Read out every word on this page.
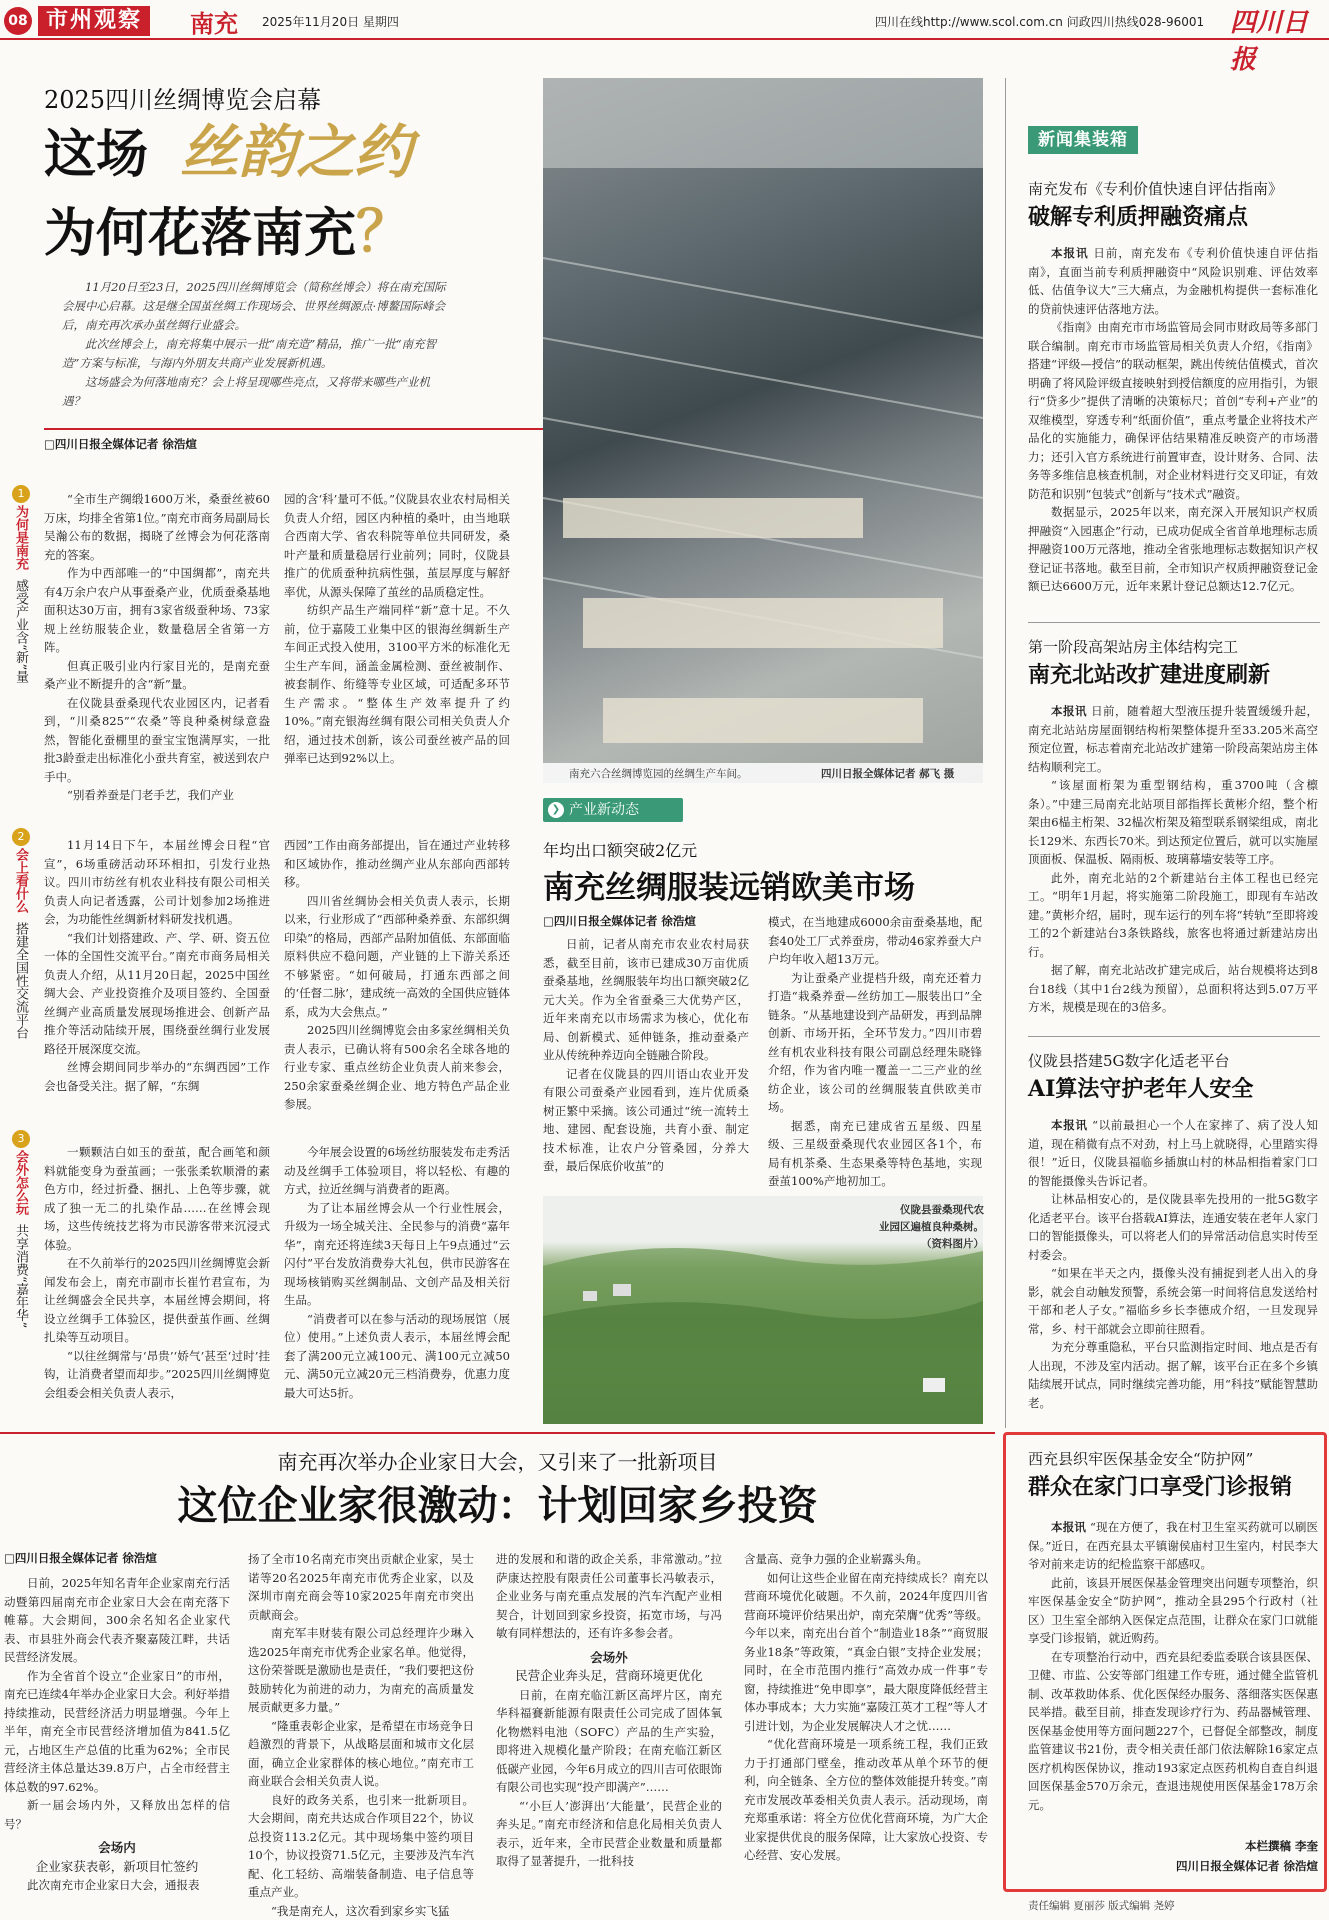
08 市州观察	南充 2025年11月20日 星期四	四川在线http://www.scol.com.cn 问政四川热线028-96001 四川日报
2025四川丝绸博览会启幕
这场 丝韵之约
为何花落南充？

11月20日至23日，2025四川丝绸博览会（简称丝博会）将在南充国际会展中心启幕。这是继全国茧丝绸工作现场会、世界丝绸源点·博鳌国际峰会后，南充再次承办茧丝绸行业盛会。

此次丝博会上，南充将集中展示一批“南充造”精品，推广一批“南充智造”方案与标准，与海内外朋友共商产业发展新机遇。

这场盛会为何落地南充？会上将呈现哪些亮点，又将带来哪些产业机遇？

□四川日报全媒体记者 徐浩煊
南充六合丝绸博览园的丝绸生产车间。	四川日报全媒体记者 郝飞 摄
1
为何是南充
感受产业含“新”量
2
会上看什么
搭建全国性交流平台
3
会外怎么玩
共享消费“嘉年华”

“全市生产绸缎1600万米，桑蚕丝被60万床，均排全省第1位。”南充市商务局副局长吴瀚公布的数据，揭晓了丝博会为何花落南充的答案。

作为中西部唯一的“中国绸都”，南充共有4万余户农户从事蚕桑产业，优质蚕桑基地面积达30万亩，拥有3家省级蚕种场、73家规上丝纺服装企业，数量稳居全省第一方阵。

但真正吸引业内行家目光的，是南充蚕桑产业不断提升的含“新”量。

在仪陇县蚕桑现代农业园区内，记者看到，“川桑825”“农桑”等良种桑树绿意盎然，智能化蚕棚里的蚕宝宝饱满厚实，一批批3龄蚕走出标准化小蚕共育室，被送到农户手中。

“别看养蚕是门老手艺，我们产业

园的含‘科’量可不低。”仪陇县农业农村局相关负责人介绍，园区内种植的桑叶，由当地联合西南大学、省农科院等单位共同研发，桑叶产量和质量稳居行业前列；同时，仪陇县推广的优质蚕种抗病性强，茧层厚度与解舒率优，从源头保障了茧丝的品质稳定性。

纺织产品生产端同样“新”意十足。不久前，位于嘉陵工业集中区的银海丝绸新生产车间正式投入使用，3100平方米的标准化无尘生产车间，涵盖金属检测、蚕丝被制作、被套制作、绗缝等专业区域，可适配多环节生产需求。“整体生产效率提升了约10%。”南充银海丝绸有限公司相关负责人介绍，通过技术创新，该公司蚕丝被产品的回弹率已达到92%以上。

11月14日下午，本届丝博会日程“官宣”，6场重磅活动环环相扣，引发行业热议。四川市纺丝有机农业科技有限公司相关负责人向记者透露，公司计划参加2场推进会，为功能性丝绸新材料研发找机遇。

“我们计划搭建政、产、学、研、资五位一体的全国性交流平台。”南充市商务局相关负责人介绍，从11月20日起，2025中国丝绸大会、产业投资推介及项目签约、全国蚕丝绸产业高质量发展现场推进会、创新产品推介等活动陆续开展，围绕蚕丝绸行业发展路径开展深度交流。

丝博会期间同步举办的“东绸西园”工作会也备受关注。据了解，“东绸

西园”工作由商务部提出，旨在通过产业转移和区域协作，推动丝绸产业从东部向西部转移。

四川省丝绸协会相关负责人表示，长期以来，行业形成了“西部种桑养蚕、东部织绸印染”的格局，西部产品附加值低、东部面临原料供应不稳问题，产业链的上下游关系还不够紧密。“如何破局，打通东西部之间的‘任督二脉’，建成统一高效的全国供应链体系，成为大会焦点。”

2025四川丝绸博览会由多家丝绸相关负责人表示，已确认将有500余名全球各地的行业专家、重点丝纺企业负责人前来参会，250余家蚕桑丝绸企业、地方特色产品企业参展。

一颗颗洁白如玉的蚕茧，配合画笔和颜料就能变身为蚕茧画；一张张柔软顺滑的素色方巾，经过折叠、捆扎、上色等步骤，就成了独一无二的扎染作品……在丝博会现场，这些传统技艺将为市民游客带来沉浸式体验。

在不久前举行的2025四川丝绸博览会新闻发布会上，南充市副市长崔竹君宣布，为让丝绸盛会全民共享，本届丝博会期间，将设立丝绸手工体验区，提供蚕茧作画、丝绸扎染等互动项目。

“以往丝绸常与‘昂贵’‘娇气’甚至‘过时’挂钩，让消费者望而却步。”2025四川丝绸博览会组委会相关负责人表示，

今年展会设置的6场丝纺服装发布走秀活动及丝绸手工体验项目，将以轻松、有趣的方式，拉近丝绸与消费者的距离。

为了让本届丝博会从一个行业性展会，升级为一场全城关注、全民参与的消费“嘉年华”，南充还将连续3天每日上午9点通过“云闪付”平台发放消费券大礼包，供市民游客在现场核销购买丝绸制品、文创产品及相关衍生品。

“消费者可以在参与活动的现场展馆（展位）使用。”上述负责人表示，本届丝博会配套了满200元立减100元、满100元立减50元、满50元立减20元三档消费券，优惠力度最大可达5折。

❯ 产业新动态
年均出口额突破2亿元
南充丝绸服装远销欧美市场
□四川日报全媒体记者 徐浩煊

日前，记者从南充市农业农村局获悉，截至目前，该市已建成30万亩优质蚕桑基地，丝绸服装年均出口额突破2亿元大关。作为全省蚕桑三大优势产区，近年来南充以市场需求为核心，优化布局、创新模式、延伸链条，推动蚕桑产业从传统种养迈向全链融合阶段。

记者在仪陇县的四川语山农业开发有限公司蚕桑产业园看到，连片优质桑树正繁中采摘。该公司通过“统一流转土地、建园、配套设施，共育小蚕、制定技术标准，让农户分管桑园，分养大蚕，最后保底价收茧”的

模式，在当地建成6000余亩蚕桑基地，配套40处工厂式养蚕房，带动46家养蚕大户户均年收入超13万元。

为让蚕桑产业提档升级，南充还着力打造“栽桑养蚕—丝纺加工—服装出口”全链条。“从基地建设到产品研发，再到品牌创新、市场开拓，全环节发力。”四川市碧丝有机农业科技有限公司副总经理朱晓锋介绍，作为省内唯一覆盖一二三产业的丝纺企业，该公司的丝绸服装直供欧美市场。

据悉，南充已建成省五星级、四星级、三星级蚕桑现代农业园区各1个，布局有机茶桑、生态果桑等特色基地，实现蚕茧100%产地初加工。

仪陇县蚕桑现代农
业园区遍植良种桑树。
（资料图片）
新闻集装箱
南充发布《专利价值快速自评估指南》
破解专利质押融资痛点

本报讯 日前，南充发布《专利价值快速自评估指南》，直面当前专利质押融资中“风险识别难、评估效率低、估值争议大”三大痛点，为金融机构提供一套标准化的贷前快速评估落地方法。

《指南》由南充市市场监管局会同市财政局等多部门联合编制。南充市市场监管局相关负责人介绍，《指南》搭建“评级—授信”的联动框架，跳出传统估值模式，首次明确了将风险评级直接映射到授信额度的应用指引，为银行“贷多少”提供了清晰的决策标尺；首创“专利+产业”的双维模型，穿透专利“纸面价值”，重点考量企业将技术产品化的实施能力，确保评估结果精准反映资产的市场潜力；还引入官方系统进行前置审查，设计财务、合同、法务等多维信息核查机制，对企业材料进行交叉印证，有效防范和识别“包装式”创新与“技术式”融资。

数据显示，2025年以来，南充深入开展知识产权质押融资“入园惠企”行动，已成功促成全省首单地理标志质押融资100万元落地，推动全省张地理标志数据知识产权登记证书落地。截至目前，全市知识产权质押融资登记金额已达6600万元，近年来累计登记总额达12.7亿元。

第一阶段高架站房主体结构完工
南充北站改扩建进度刷新

本报讯 日前，随着超大型液压提升装置缓缓升起，南充北站站房屋面钢结构桁架整体提升至33.205米高空预定位置，标志着南充北站改扩建第一阶段高架站房主体结构顺利完工。

“该屋面桁架为重型钢结构，重3700吨（含檩条）。”中建三局南充北站项目部指挥长黄彬介绍，整个桁架由6榀主桁架、32榀次桁架及箱型联系钢梁组成，南北长129米、东西长70米。到达预定位置后，就可以实施屋顶面板、保温板、隔雨板、玻璃幕墙安装等工序。

此外，南充北站的2个新建站台主体工程也已经完工。“明年1月起，将实施第二阶段施工，即现有车站改建。”黄彬介绍，届时，现车运行的列车将“转轨”至即将竣工的2个新建站台3条铁路线，旅客也将通过新建站房出行。

据了解，南充北站改扩建完成后，站台规模将达到8台18线（其中1台2线为预留），总面积将达到5.07万平方米，规模是现在的3倍多。

仪陇县搭建5G数字化适老平台
AI算法守护老年人安全

本报讯 “以前最担心一个人在家摔了、病了没人知道，现在稍微有点不对劲，村上马上就晓得，心里踏实得很！”近日，仪陇县福临乡插旗山村的林品相指着家门口的智能摄像头告诉记者。

让林品相安心的，是仪陇县率先投用的一批5G数字化适老平台。该平台搭载AI算法，连通安装在老年人家门口的智能摄像头，可以将老人们的异常活动信息实时传至村委会。

“如果在半天之内，摄像头没有捕捉到老人出入的身影，就会自动触发预警，系统会第一时间将信息发送给村干部和老人子女。”福临乡乡长李德成介绍，一旦发现异常，乡、村干部就会立即前往照看。

为充分尊重隐私，平台只监测指定时间、地点是否有人出现，不涉及室内活动。据了解，该平台正在多个乡镇陆续展开试点，同时继续完善功能，用“科技”赋能智慧助老。

西充县织牢医保基金安全“防护网”
群众在家门口享受门诊报销

本报讯 “现在方便了，我在村卫生室买药就可以刷医保。”近日，在西充县太平镇谢侯庙村卫生室内，村民李大爷对前来走访的纪检监察干部感叹。

此前，该县开展医保基金管理突出问题专项整治，织牢医保基金安全“防护网”，推动全县295个行政村（社区）卫生室全部纳入医保定点范围，让群众在家门口就能享受门诊报销，就近购药。

在专项整治行动中，西充县纪委监委联合该县医保、卫健、市监、公安等部门组建工作专班，通过健全监管机制、改革救助体系、优化医保经办服务、落细落实医保惠民举措。截至目前，排查发现诊疗行为、药品器械管理、医保基金使用等方面问题227个，已督促全部整改，制度监管建议书21份，责令相关责任部门依法解除16家定点医疗机构医保协议，推动193家定点医药机构自查自纠退回医保基金570万余元，查退违规使用医保基金178万余元。

本栏撰稿 李奎
四川日报全媒体记者 徐浩煊
南充再次举办企业家日大会，又引来了一批新项目
这位企业家很激动：计划回家乡投资
□四川日报全媒体记者 徐浩煊

日前，2025年知名青年企业家南充行活动暨第四届南充市企业家日大会在南充落下帷幕。大会期间，300余名知名企业家代表、市县驻外商会代表齐聚嘉陵江畔，共话民营经济发展。

作为全省首个设立“企业家日”的市州，南充已连续4年举办企业家日大会。利好举措持续推动，民营经济活力明显增强。今年上半年，南充全市民营经济增加值为841.5亿元，占地区生产总值的比重为62%；全市民营经济主体总量达39.8万户，占全市经营主体总数的97.62%。

新一届会场内外，又释放出怎样的信号？

会场内
企业家获表彰，新项目忙签约

此次南充市企业家日大会，通报表

扬了全市10名南充市突出贡献企业家，吴士诺等20名2025年南充市优秀企业家，以及深圳市南充商会等10家2025年南充市突出贡献商会。

南充军丰财装有限公司总经理许少琳入选2025年南充市优秀企业家名单。他觉得，这份荣誉既是激励也是责任，“我们要把这份鼓励转化为前进的动力，为南充的高质量发展贡献更多力量。”

“隆重表彰企业家，是希望在市场竞争日趋激烈的背景下，从战略层面和城市文化层面，确立企业家群体的核心地位。”南充市工商业联合会相关负责人说。

良好的政务关系，也引来一批新项目。大会期间，南充共达成合作项目22个，协议总投资113.2亿元。其中现场集中签约项目10个，协议投资71.5亿元，主要涉及汽车汽配、化工轻纺、高端装备制造、电子信息等重点产业。

“我是南充人，这次看到家乡实飞猛

进的发展和和谐的政企关系，非常激动。”拉萨康达控股有限责任公司董事长冯敏表示，企业业务与南充重点发展的汽车汽配产业相契合，计划回到家乡投资，拓宽市场，与冯敏有同样想法的，还有许多参会者。

会场外
民营企业奔头足，营商环境更优化

日前，在南充临江新区高坪片区，南充华科福賽新能源有限责任公司完成了固体氧化物燃料电池（SOFC）产品的生产实验，即将进入规模化量产阶段；在南充临江新区低碳产业园，今年6月成立的四川吉可依眼饰有限公司也实现“投产即满产”……

“‘小巨人’澎湃出‘大能量’，民营企业的奔头足。”南充市经济和信息化局相关负责人表示，近年来，全市民营企业数量和质量都取得了显著提升，一批科技

含量高、竞争力强的企业崭露头角。

如何让这些企业留在南充持续成长？南充以营商环境优化破题。不久前，2024年度四川省营商环境评价结果出炉，南充荣膺“优秀”等级。今年以来，南充出台首个“制造业18条”“商贸服务业18条”等政策，“真金白银”支持企业发展；同时，在全市范围内推行“高效办成一件事”专窗，持续推进“免申即享”，最大限度降低经营主体办事成本；大力实施“嘉陵江英才工程”等人才引进计划，为企业发展解决人才之忧……

“优化营商环境是一项系统工程，我们正致力于打通部门壁垒，推动改革从单个环节的便利，向全链条、全方位的整体效能提升转变。”南充市发展改革委相关负责人表示。活动现场，南充郑重承诺：将全方位优化营商环境，为广大企业家提供优良的服务保障，让大家放心投资、专心经营、安心发展。

责任编辑 夏丽莎 版式编辑 尧婷
